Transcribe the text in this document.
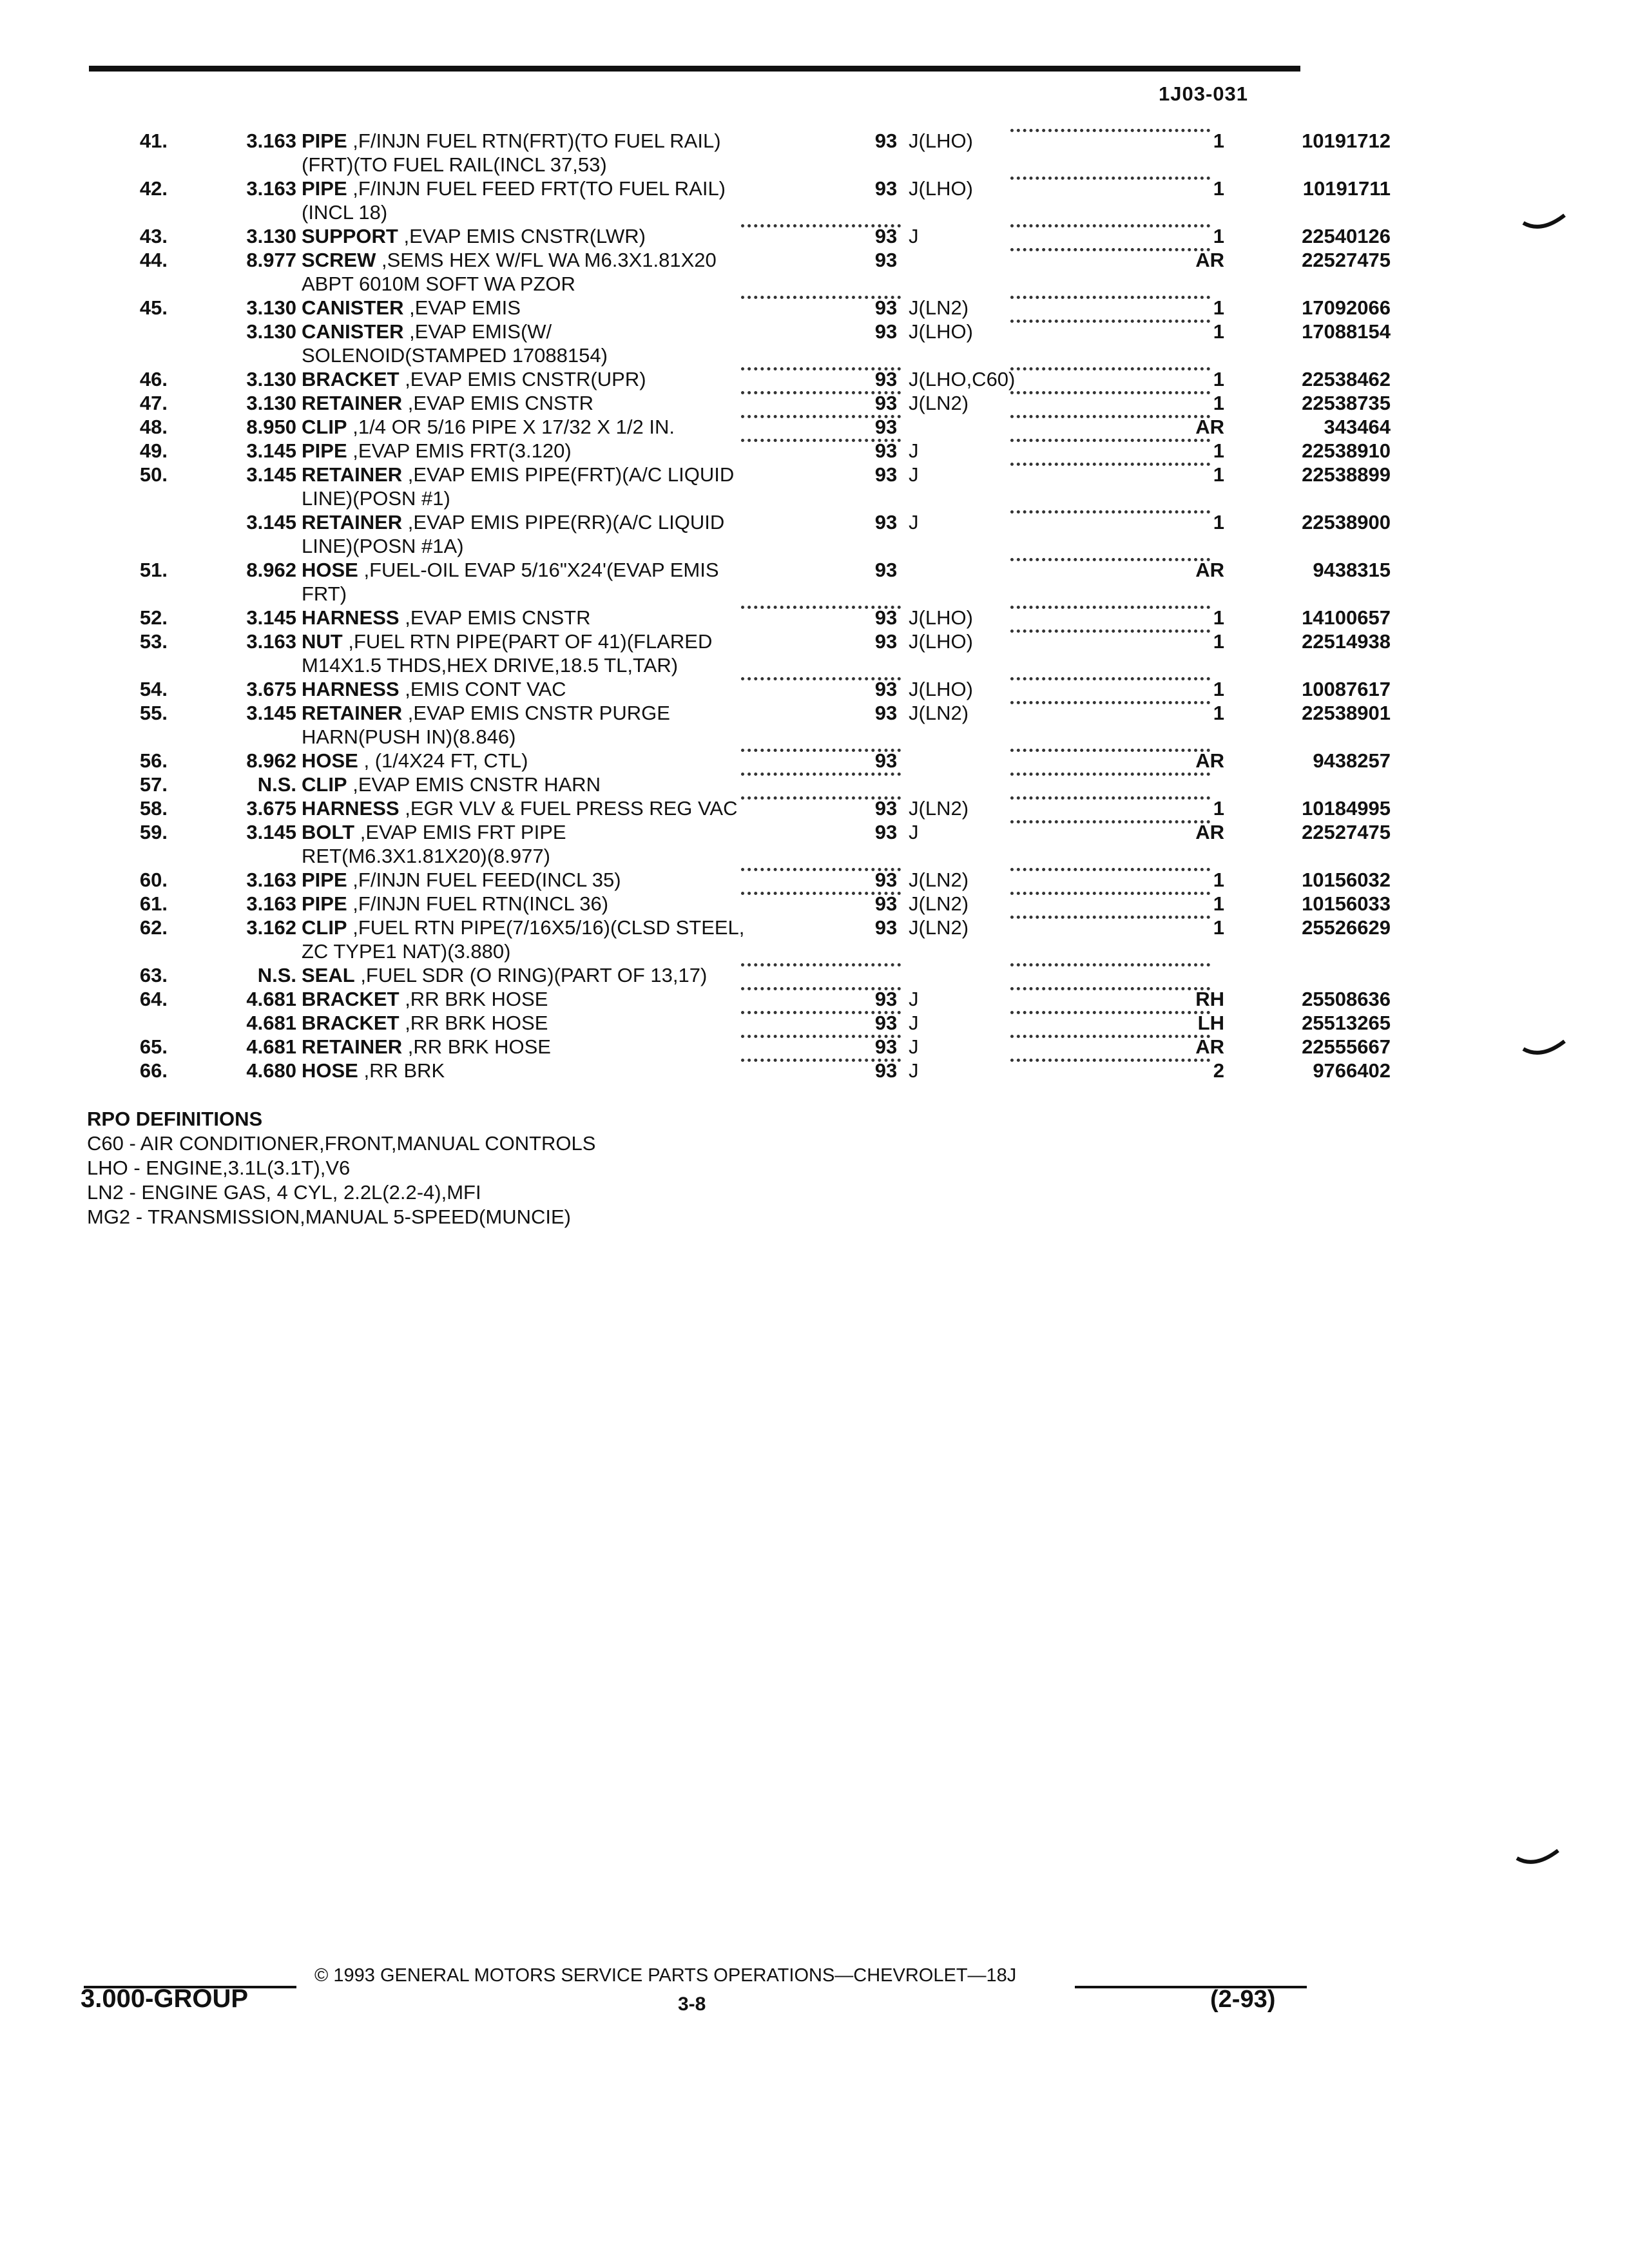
1J03-031
41.	3.163 PIPE ,F/INJN FUEL RTN(FRT)(TO FUEL RAIL)	93 J(LHO)	1	10191712
(FRT)(TO FUEL RAIL(INCL 37,53)
42.	3.163 PIPE ,F/INJN FUEL FEED FRT(TO FUEL RAIL)	93 J(LHO)	1	10191711
(INCL 18)
43.	3.130 SUPPORT ,EVAP EMIS CNSTR(LWR)	93 J	1	22540126
44.	8.977 SCREW ,SEMS HEX W/FL WA M6.3X1.81X20	93	AR	22527475
ABPT 6010M SOFT WA PZOR
45.	3.130 CANISTER ,EVAP EMIS	93 J(LN2)	1	17092066
3.130 CANISTER ,EVAP EMIS(W/	93 J(LHO)	1	17088154
SOLENOID(STAMPED 17088154)
46.	3.130 BRACKET ,EVAP EMIS CNSTR(UPR)	93 J(LHO,C60)	1	22538462
47.	3.130 RETAINER ,EVAP EMIS CNSTR	93 J(LN2)	1	22538735
48.	8.950 CLIP ,1/4 OR 5/16 PIPE X 17/32 X 1/2 IN.	93	AR	343464
49.	3.145 PIPE ,EVAP EMIS FRT(3.120)	93 J	1	22538910
50.	3.145 RETAINER ,EVAP EMIS PIPE(FRT)(A/C LIQUID	93 J	1	22538899
LINE)(POSN #1)
3.145 RETAINER ,EVAP EMIS PIPE(RR)(A/C LIQUID	93 J	1	22538900
LINE)(POSN #1A)
51.	8.962 HOSE ,FUEL-OIL EVAP 5/16"X24'(EVAP EMIS	93	AR	9438315
FRT)
52.	3.145 HARNESS ,EVAP EMIS CNSTR	93 J(LHO)	1	14100657
53.	3.163 NUT ,FUEL RTN PIPE(PART OF 41)(FLARED	93 J(LHO)	1	22514938
M14X1.5 THDS,HEX DRIVE,18.5 TL,TAR)
54.	3.675 HARNESS ,EMIS CONT VAC	93 J(LHO)	1	10087617
55.	3.145 RETAINER ,EVAP EMIS CNSTR PURGE	93 J(LN2)	1	22538901
HARN(PUSH IN)(8.846)
56.	8.962 HOSE , (1/4X24 FT, CTL)	93	AR	9438257
57.	N.S. CLIP ,EVAP EMIS CNSTR HARN
58.	3.675 HARNESS ,EGR VLV & FUEL PRESS REG VAC	93 J(LN2)	1	10184995
59.	3.145 BOLT ,EVAP EMIS FRT PIPE	93 J	AR	22527475
RET(M6.3X1.81X20)(8.977)
60.	3.163 PIPE ,F/INJN FUEL FEED(INCL 35)	93 J(LN2)	1	10156032
61.	3.163 PIPE ,F/INJN FUEL RTN(INCL 36)	93 J(LN2)	1	10156033
62.	3.162 CLIP ,FUEL RTN PIPE(7/16X5/16)(CLSD STEEL,	93 J(LN2)	1	25526629
ZC TYPE1 NAT)(3.880)
63.	N.S. SEAL ,FUEL SDR (O RING)(PART OF 13,17)
64.	4.681 BRACKET ,RR BRK HOSE	93 J	RH	25508636
4.681 BRACKET ,RR BRK HOSE	93 J	LH	25513265
65.	4.681 RETAINER ,RR BRK HOSE	93 J	AR	22555667
66.	4.680 HOSE ,RR BRK	93 J	2	9766402
RPO DEFINITIONS
C60 - AIR CONDITIONER,FRONT,MANUAL CONTROLS
LHO - ENGINE,3.1L(3.1T),V6
LN2 - ENGINE GAS, 4 CYL, 2.2L(2.2-4),MFI
MG2 - TRANSMISSION,MANUAL 5-SPEED(MUNCIE)
© 1993 GENERAL MOTORS SERVICE PARTS OPERATIONS—CHEVROLET—18J
3.000-GROUP	3-8	(2-93)
